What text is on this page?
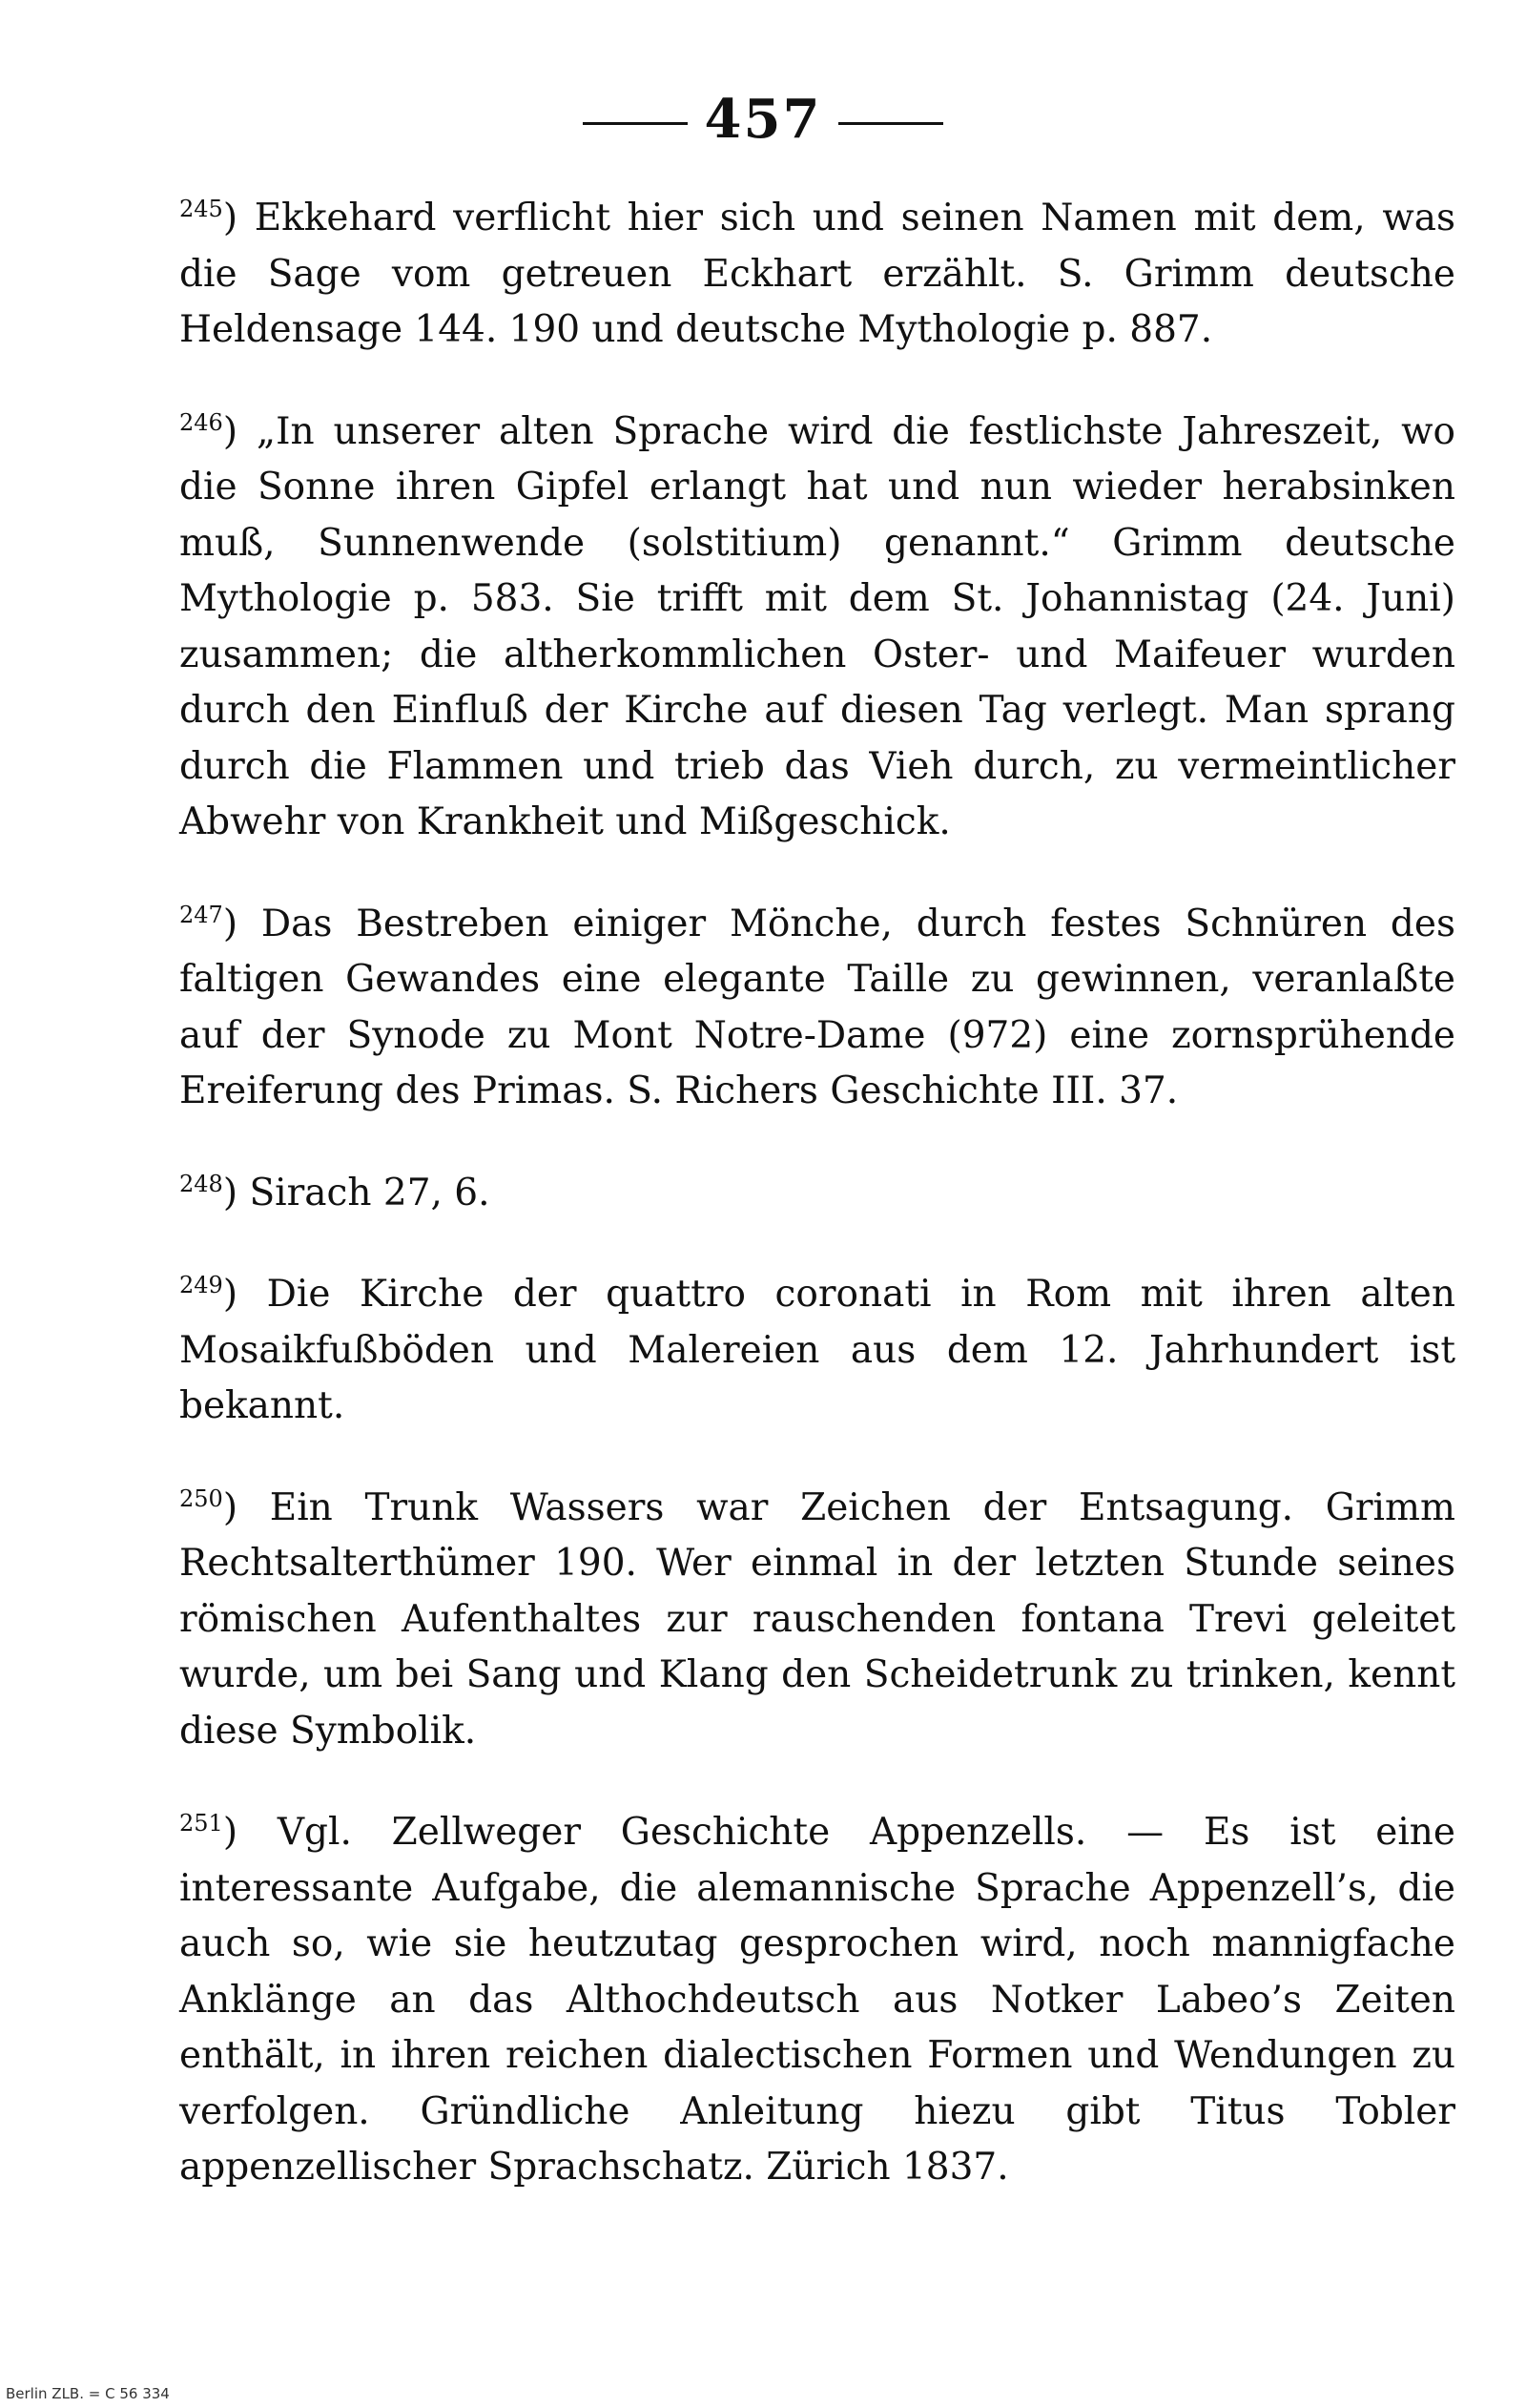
457

$^{245}$) Ekkehard verflicht hier sich und seinen Namen mit dem, was die Sage vom getreuen Eckhart erzählt. S. Grimm deutsche Heldensage 144. 190 und deutsche Mythologie p. 887.

$^{246}$) „In unserer alten Sprache wird die festlichste Jahreszeit, wo die Sonne ihren Gipfel erlangt hat und nun wieder herabsinken muß, Sunnenwende (solstitium) genannt.“ Grimm deutsche Mythologie p. 583. Sie trifft mit dem St. Johannistag (24. Juni) zusammen; die altherkommlichen Oster- und Maifeuer wurden durch den Einfluß der Kirche auf diesen Tag verlegt. Man sprang durch die Flammen und trieb das Vieh durch, zu vermeintlicher Abwehr von Krankheit und Mißgeschick.

$^{247}$) Das Bestreben einiger Mönche, durch festes Schnüren des faltigen Gewandes eine elegante Taille zu gewinnen, veranlaßte auf der Synode zu Mont Notre-Dame (972) eine zornsprühende Ereiferung des Primas. S. Richers Geschichte III. 37.

$^{248}$) Sirach 27, 6.

$^{249}$) Die Kirche der quattro coronati in Rom mit ihren alten Mosaikfußböden und Malereien aus dem 12. Jahrhundert ist bekannt.

$^{250}$) Ein Trunk Wassers war Zeichen der Entsagung. Grimm Rechtsalterthümer 190. Wer einmal in der letzten Stunde seines römischen Aufenthaltes zur rauschenden fontana Trevi geleitet wurde, um bei Sang und Klang den Scheidetrunk zu trinken, kennt diese Symbolik.

$^{251}$) Vgl. Zellweger Geschichte Appenzells. — Es ist eine interessante Aufgabe, die alemannische Sprache Appenzell’s, die auch so, wie sie heutzutag gesprochen wird, noch mannigfache Anklänge an das Althochdeutsch aus Notker Labeo’s Zeiten enthält, in ihren reichen dialectischen Formen und Wendungen zu verfolgen. Gründliche Anleitung hiezu gibt Titus Tobler appenzellischer Sprachschatz. Zürich 1837.

Berlin ZLB. = C 56 334
